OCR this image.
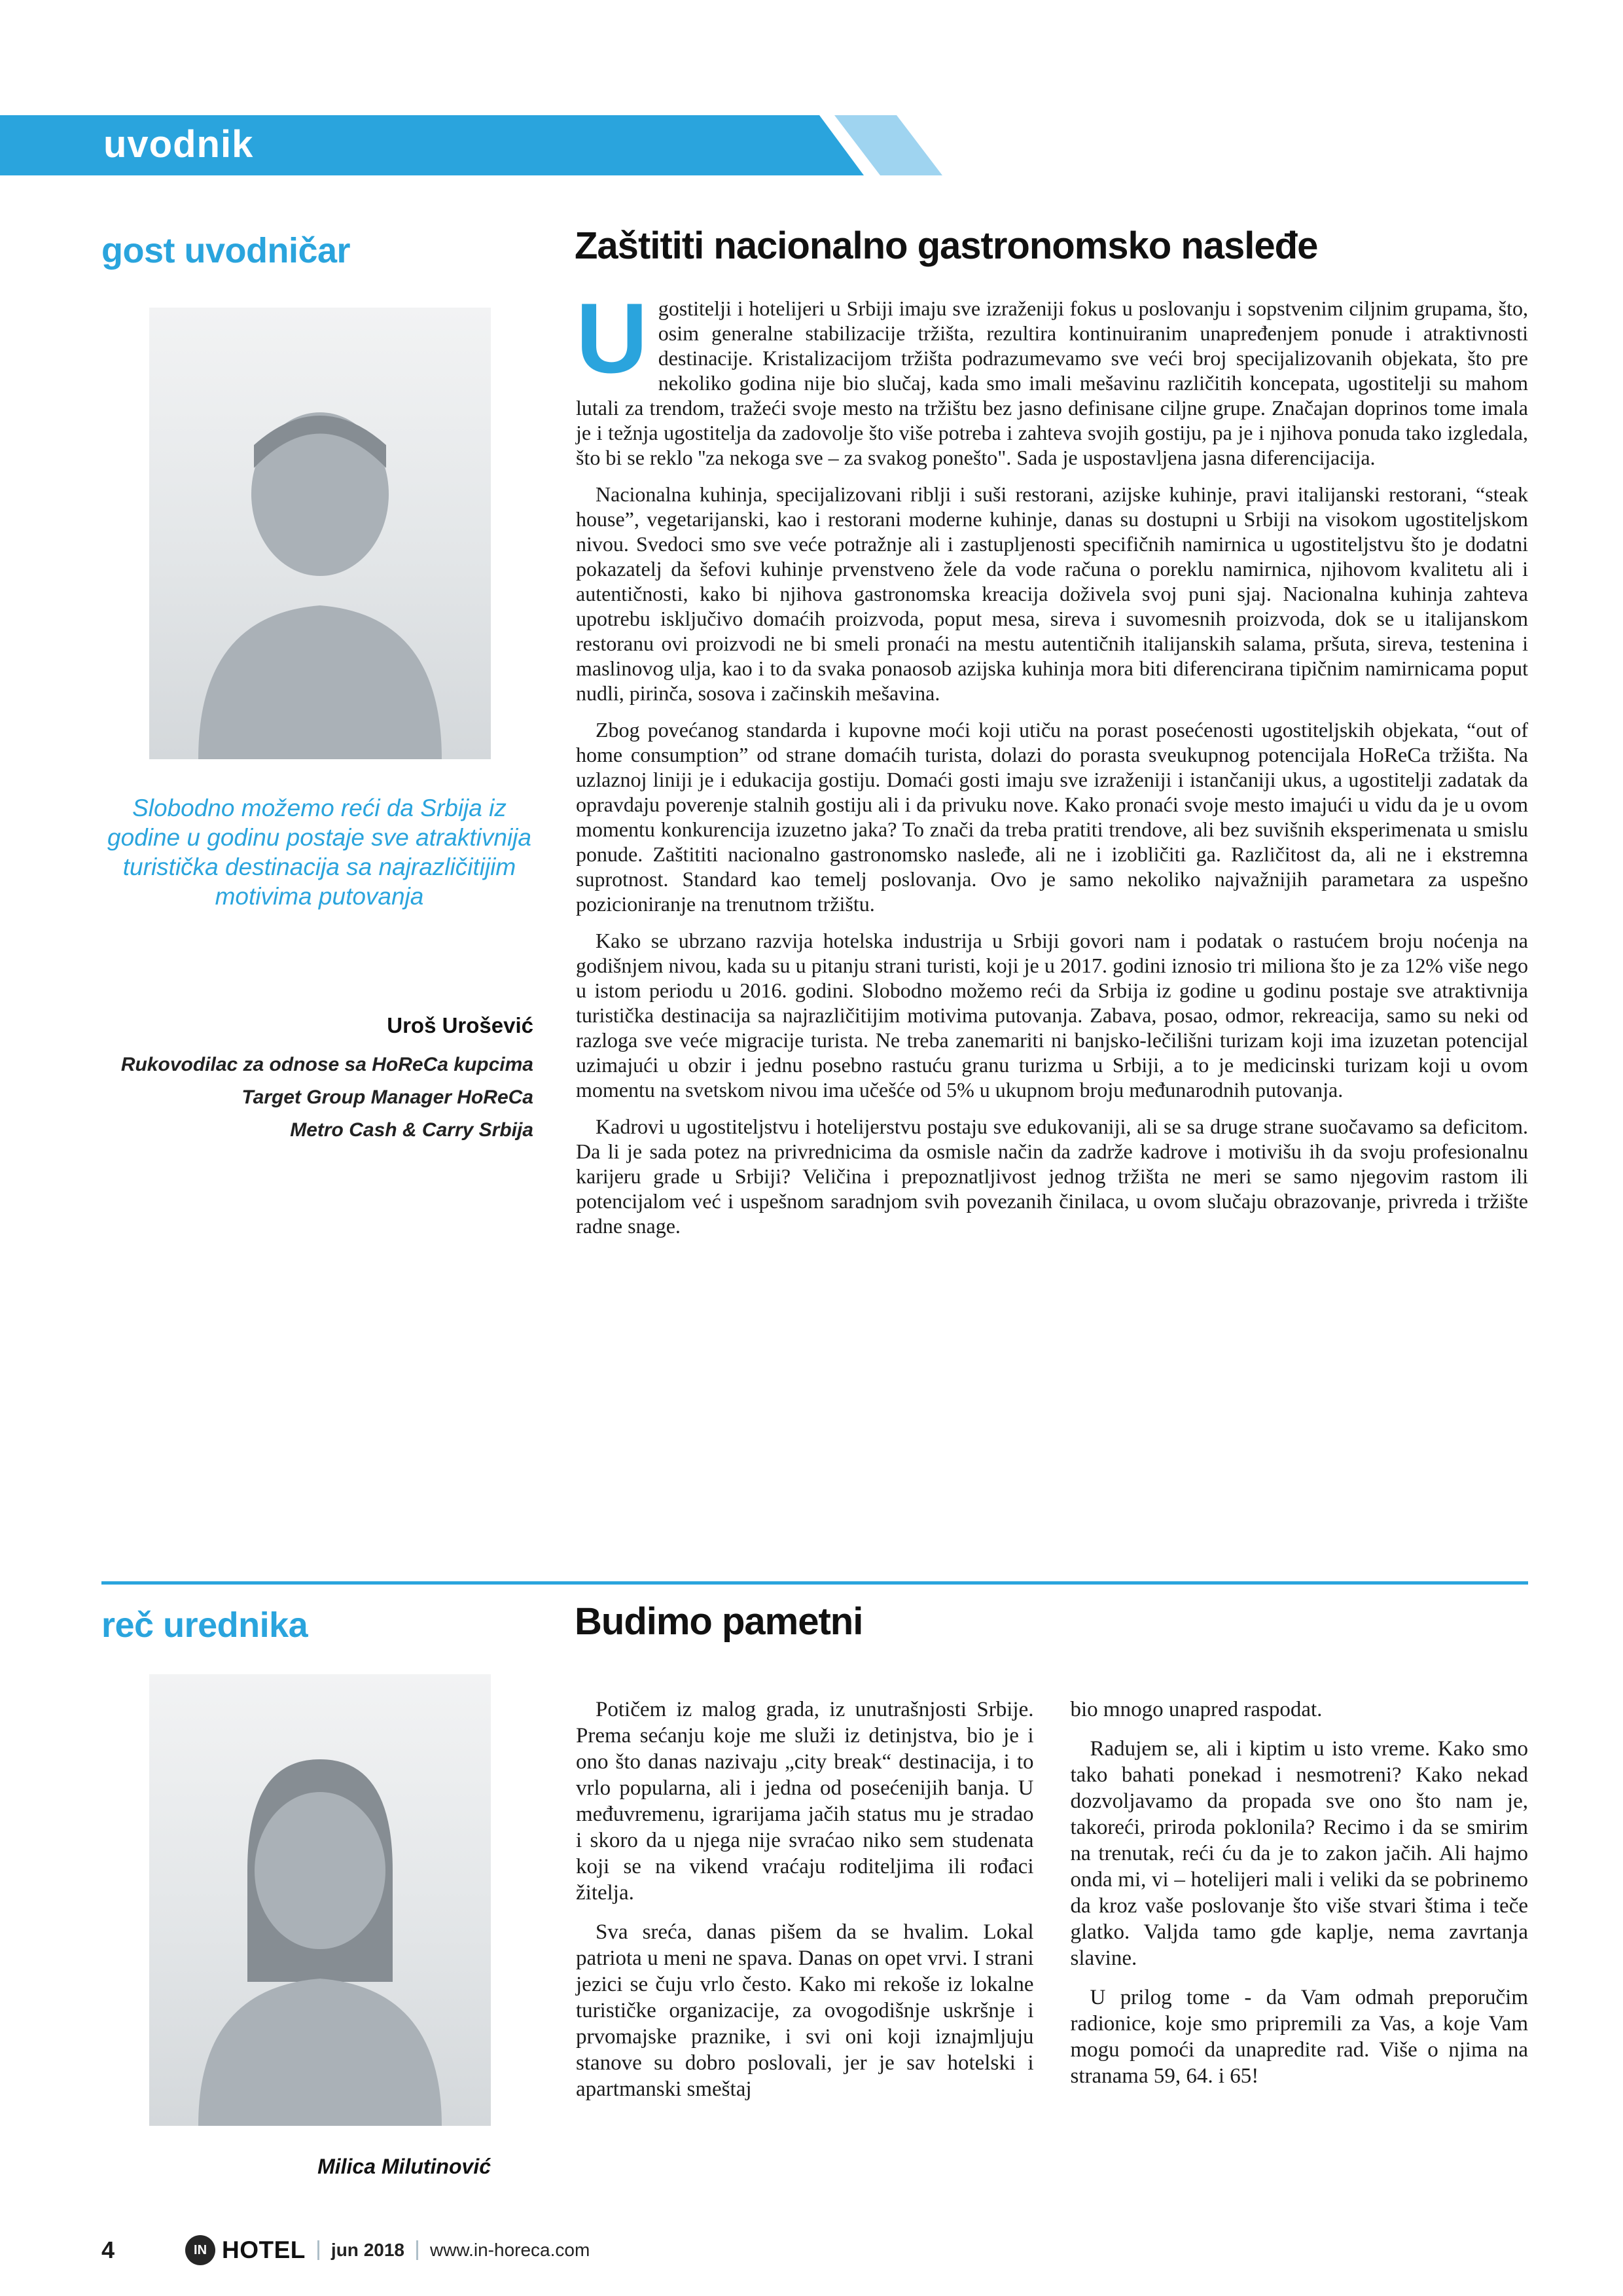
uvodnik
gost uvodničar	Zaštititi nacionalno gastronomsko nasleđe
Slobodno možemo reći da Srbija iz godine u godinu postaje sve atraktivnija turistička destinacija sa najrazličitijim motivima putovanja
Uroš Urošević
Rukovodilac za odnose sa HoReCa kupcima
Target Group Manager HoReCa
Metro Cash & Carry Srbija

Ugostitelji i hotelijeri u Srbiji imaju sve izraženiji fokus u poslovanju i sopstvenim ciljnim grupama, što, osim generalne stabilizacije tržišta, rezultira kontinuiranim unapređenjem ponude i atraktivnosti destinacije. Kristalizacijom tržišta podrazumevamo sve veći broj specijalizovanih objekata, što pre nekoliko godina nije bio slučaj, kada smo imali mešavinu različitih koncepata, ugostitelji su mahom lutali za trendom, tražeći svoje mesto na tržištu bez jasno definisane ciljne grupe. Značajan doprinos tome imala je i težnja ugostitelja da zadovolje što više potreba i zahteva svojih gostiju, pa je i njihova ponuda tako izgledala, što bi se reklo ''za nekoga sve – za svakog ponešto". Sada je uspostavljena jasna diferencijacija.

Nacionalna kuhinja, specijalizovani riblji i suši restorani, azijske kuhinje, pravi italijanski restorani, “steak house”, vegetarijanski, kao i restorani moderne kuhinje, danas su dostupni u Srbiji na visokom ugostiteljskom nivou. Svedoci smo sve veće potražnje ali i zastupljenosti specifičnih namirnica u ugostiteljstvu što je dodatni pokazatelj da šefovi kuhinje prvenstveno žele da vode računa o poreklu namirnica, njihovom kvalitetu ali i autentičnosti, kako bi njihova gastronomska kreacija doživela svoj puni sjaj. Nacionalna kuhinja zahteva upotrebu isključivo domaćih proizvoda, poput mesa, sireva i suvomesnih proizvoda, dok se u italijanskom restoranu ovi proizvodi ne bi smeli pronaći na mestu autentičnih italijanskih salama, pršuta, sireva, testenina i maslinovog ulja, kao i to da svaka ponaosob azijska kuhinja mora biti diferencirana tipičnim namirnicama poput nudli, pirinča, sosova i začinskih mešavina.

Zbog povećanog standarda i kupovne moći koji utiču na porast posećenosti ugostiteljskih objekata, “out of home consumption” od strane domaćih turista, dolazi do porasta sveukupnog potencijala HoReCa tržišta. Na uzlaznoj liniji je i edukacija gostiju. Domaći gosti imaju sve izraženiji i istančaniji ukus, a ugostitelji zadatak da opravdaju poverenje stalnih gostiju ali i da privuku nove. Kako pronaći svoje mesto imajući u vidu da je u ovom momentu konkurencija izuzetno jaka? To znači da treba pratiti trendove, ali bez suvišnih eksperimenata u smislu ponude. Zaštititi nacionalno gastronomsko nasleđe, ali ne i izobličiti ga. Različitost da, ali ne i ekstremna suprotnost. Standard kao temelj poslovanja. Ovo je samo nekoliko najvažnijih parametara za uspešno pozicioniranje na trenutnom tržištu.

Kako se ubrzano razvija hotelska industrija u Srbiji govori nam i podatak o rastućem broju noćenja na godišnjem nivou, kada su u pitanju strani turisti, koji je u 2017. godini iznosio tri miliona što je za 12% više nego u istom periodu u 2016. godini. Slobodno možemo reći da Srbija iz godine u godinu postaje sve atraktivnija turistička destinacija sa najrazličitijim motivima putovanja. Zabava, posao, odmor, rekreacija, samo su neki od razloga sve veće migracije turista. Ne treba zanemariti ni banjsko-lečilišni turizam koji ima izuzetan potencijal uzimajući u obzir i jednu posebno rastuću granu turizma u Srbiji, a to je medicinski turizam koji u ovom momentu na svetskom nivou ima učešće od 5% u ukupnom broju međunarodnih putovanja.

Kadrovi u ugostiteljstvu i hotelijerstvu postaju sve edukovaniji, ali se sa druge strane suočavamo sa deficitom. Da li je sada potez na privrednicima da osmisle način da zadrže kadrove i motivišu ih da svoju profesionalnu karijeru grade u Srbiji? Veličina i prepoznatljivost jednog tržišta ne meri se samo njegovim rastom ili potencijalom već i uspešnom saradnjom svih povezanih činilaca, u ovom slučaju obrazovanje, privreda i tržište radne snage.

reč urednika	Budimo pametni
Milica Milutinović

Potičem iz malog grada, iz unutrašnjosti Srbije. Prema sećanju koje me služi iz detinjstva, bio je i ono što danas nazivaju „city break“ destinacija, i to vrlo popularna, ali i jedna od posećenijih banja. U međuvremenu, igrarijama jačih status mu je stradao i skoro da u njega nije svraćao niko sem studenata koji se na vikend vraćaju roditeljima ili rođaci žitelja.

Sva sreća, danas pišem da se hvalim. Lokal patriota u meni ne spava. Danas on opet vrvi. I strani jezici se čuju vrlo često. Kako mi rekoše iz lokalne turističke organizacije, za ovogodišnje uskršnje i prvomajske praznike, i svi oni koji iznajmljuju stanove su dobro poslovali, jer je sav hotelski i apartmanski smeštaj

bio mnogo unapred raspodat.

Radujem se, ali i kiptim u isto vreme. Kako smo tako bahati ponekad i nesmotreni? Kako nekad dozvoljavamo da propada sve ono što nam je, takoreći, priroda poklonila? Recimo i da se smirim na trenutak, reći ću da je to zakon jačih. Ali hajmo onda mi, vi – hotelijeri mali i veliki da se pobrinemo da kroz vaše poslovanje što više stvari štima i teče glatko. Valjda tamo gde kaplje, nema zavrtanja slavine.

U prilog tome - da Vam odmah preporučim radionice, koje smo pripremili za Vas, a koje Vam mogu pomoći da unapredite rad. Više o njima na stranama 59, 64. i 65!

4	IN HOTEL jun 2018 www.in-horeca.com
